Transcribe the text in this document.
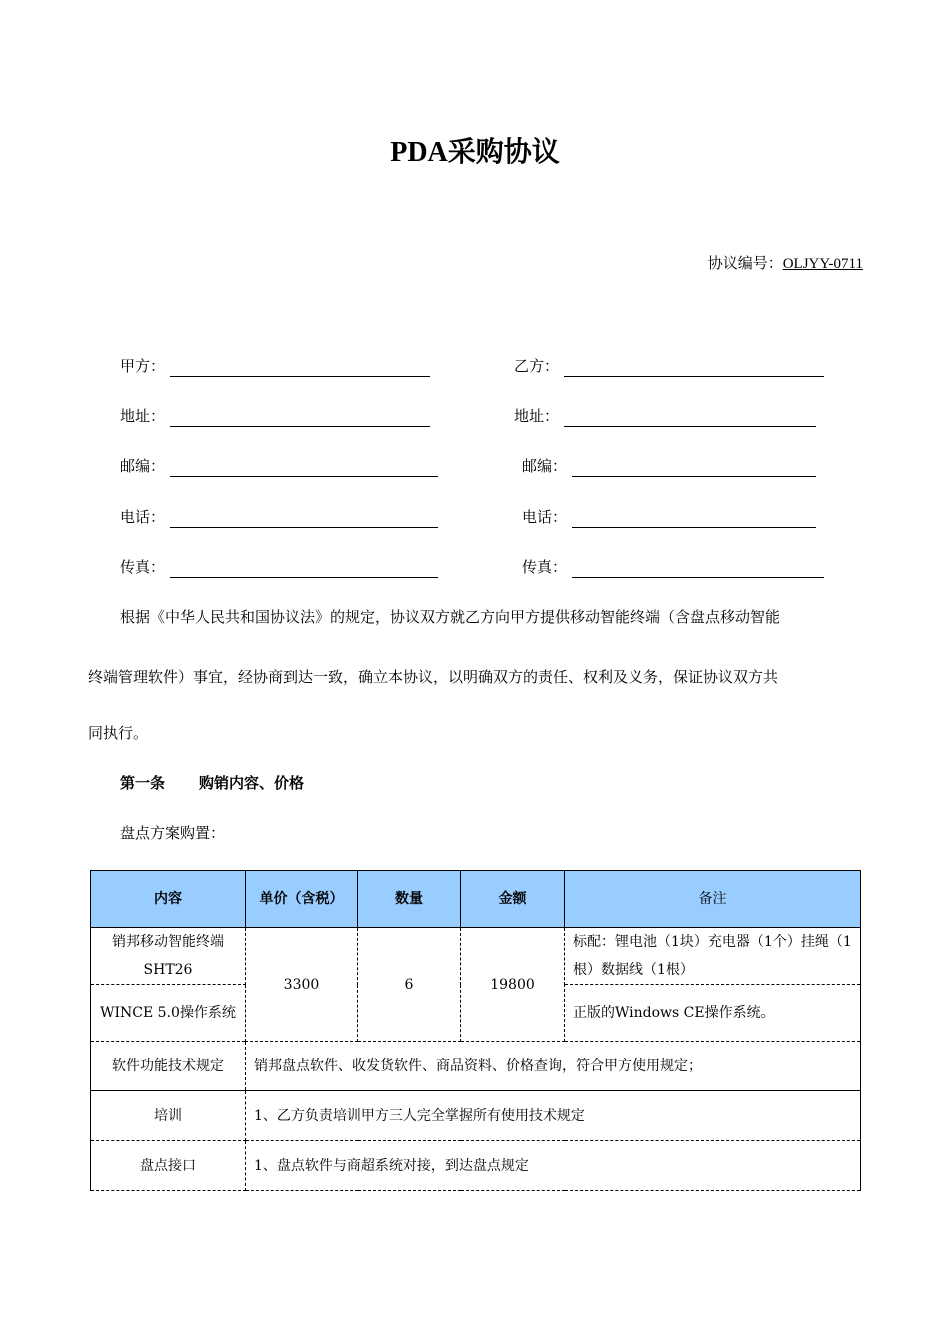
PDA采购协议
协议编号：OLJYY-0711
甲方：
地址：
邮编：
电话：
传真：
乙方：
地址：
邮编：
电话：
传真：
根据《中华人民共和国协议法》的规定，协议双方就乙方向甲方提供移动智能终端（含盘点移动智能
终端管理软件）事宜，经协商到达一致，确立本协议，以明确双方的责任、权利及义务，保证协议双方共
同执行。
第一条 购销内容、价格
盘点方案购置：
内容	单价（含税）	数量	金额	备注
销邦移动智能终端SHT26	3300	6	19800	标配：锂电池（1块）充电器（1个）挂绳（1根）数据线（1根）
WINCE 5.0操作系统				正版的Windows CE操作系统。
软件功能技术规定	销邦盘点软件、收发货软件、商品资料、价格查询，符合甲方使用规定；			
培训	1、乙方负责培训甲方三人完全掌握所有使用技术规定			
盘点接口	1、盘点软件与商超系统对接，到达盘点规定			
